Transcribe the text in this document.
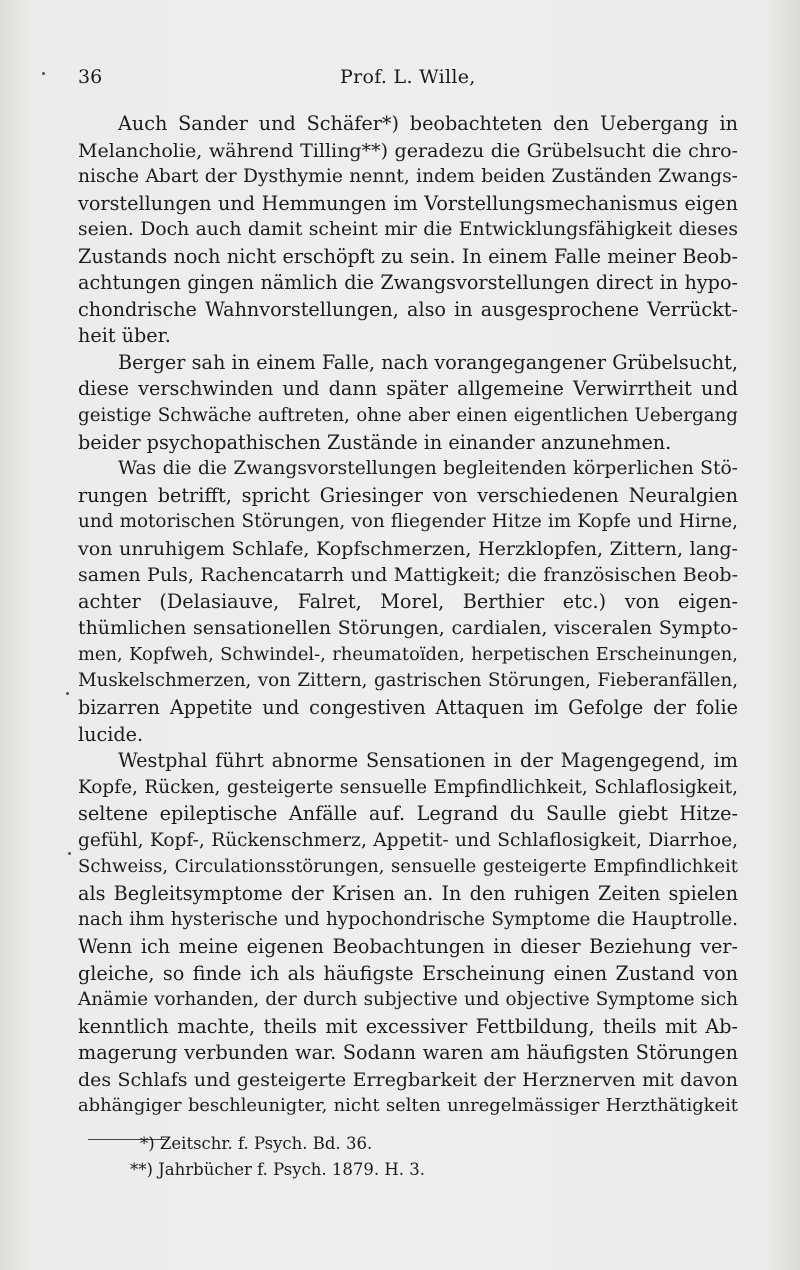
36	Prof. L. Wille,
Auch Sander und Schäfer*) beobachteten den Uebergang in
Melancholie, während Tilling**) geradezu die Grübelsucht die chro-
nische Abart der Dysthymie nennt, indem beiden Zuständen Zwangs-
vorstellungen und Hemmungen im Vorstellungsmechanismus eigen
seien. Doch auch damit scheint mir die Entwicklungsfähigkeit dieses
Zustands noch nicht erschöpft zu sein. In einem Falle meiner Beob-
achtungen gingen nämlich die Zwangsvorstellungen direct in hypo-
chondrische Wahnvorstellungen, also in ausgesprochene Verrückt-
heit über.
Berger sah in einem Falle, nach vorangegangener Grübelsucht,
diese verschwinden und dann später allgemeine Verwirrtheit und
geistige Schwäche auftreten, ohne aber einen eigentlichen Uebergang
beider psychopathischen Zustände in einander anzunehmen.
Was die die Zwangsvorstellungen begleitenden körperlichen Stö-
rungen betrifft, spricht Griesinger von verschiedenen Neuralgien
und motorischen Störungen, von fliegender Hitze im Kopfe und Hirne,
von unruhigem Schlafe, Kopfschmerzen, Herzklopfen, Zittern, lang-
samen Puls, Rachencatarrh und Mattigkeit; die französischen Beob-
achter (Delasiauve, Falret, Morel, Berthier etc.) von eigen-
thümlichen sensationellen Störungen, cardialen, visceralen Sympto-
men, Kopfweh, Schwindel-, rheumatoïden, herpetischen Erscheinungen,
Muskelschmerzen, von Zittern, gastrischen Störungen, Fieberanfällen,
bizarren Appetite und congestiven Attaquen im Gefolge der folie
lucide.
Westphal führt abnorme Sensationen in der Magengegend, im
Kopfe, Rücken, gesteigerte sensuelle Empfindlichkeit, Schlaflosigkeit,
seltene epileptische Anfälle auf. Legrand du Saulle giebt Hitze-
gefühl, Kopf-, Rückenschmerz, Appetit- und Schlaflosigkeit, Diarrhoe,
Schweiss, Circulationsstörungen, sensuelle gesteigerte Empfindlichkeit
als Begleitsymptome der Krisen an. In den ruhigen Zeiten spielen
nach ihm hysterische und hypochondrische Symptome die Hauptrolle.
Wenn ich meine eigenen Beobachtungen in dieser Beziehung ver-
gleiche, so finde ich als häufigste Erscheinung einen Zustand von
Anämie vorhanden, der durch subjective und objective Symptome sich
kenntlich machte, theils mit excessiver Fettbildung, theils mit Ab-
magerung verbunden war. Sodann waren am häufigsten Störungen
des Schlafs und gesteigerte Erregbarkeit der Herznerven mit davon
abhängiger beschleunigter, nicht selten unregelmässiger Herzthätigkeit
*) Zeitschr. f. Psych. Bd. 36.
**) Jahrbücher f. Psych. 1879. H. 3.
